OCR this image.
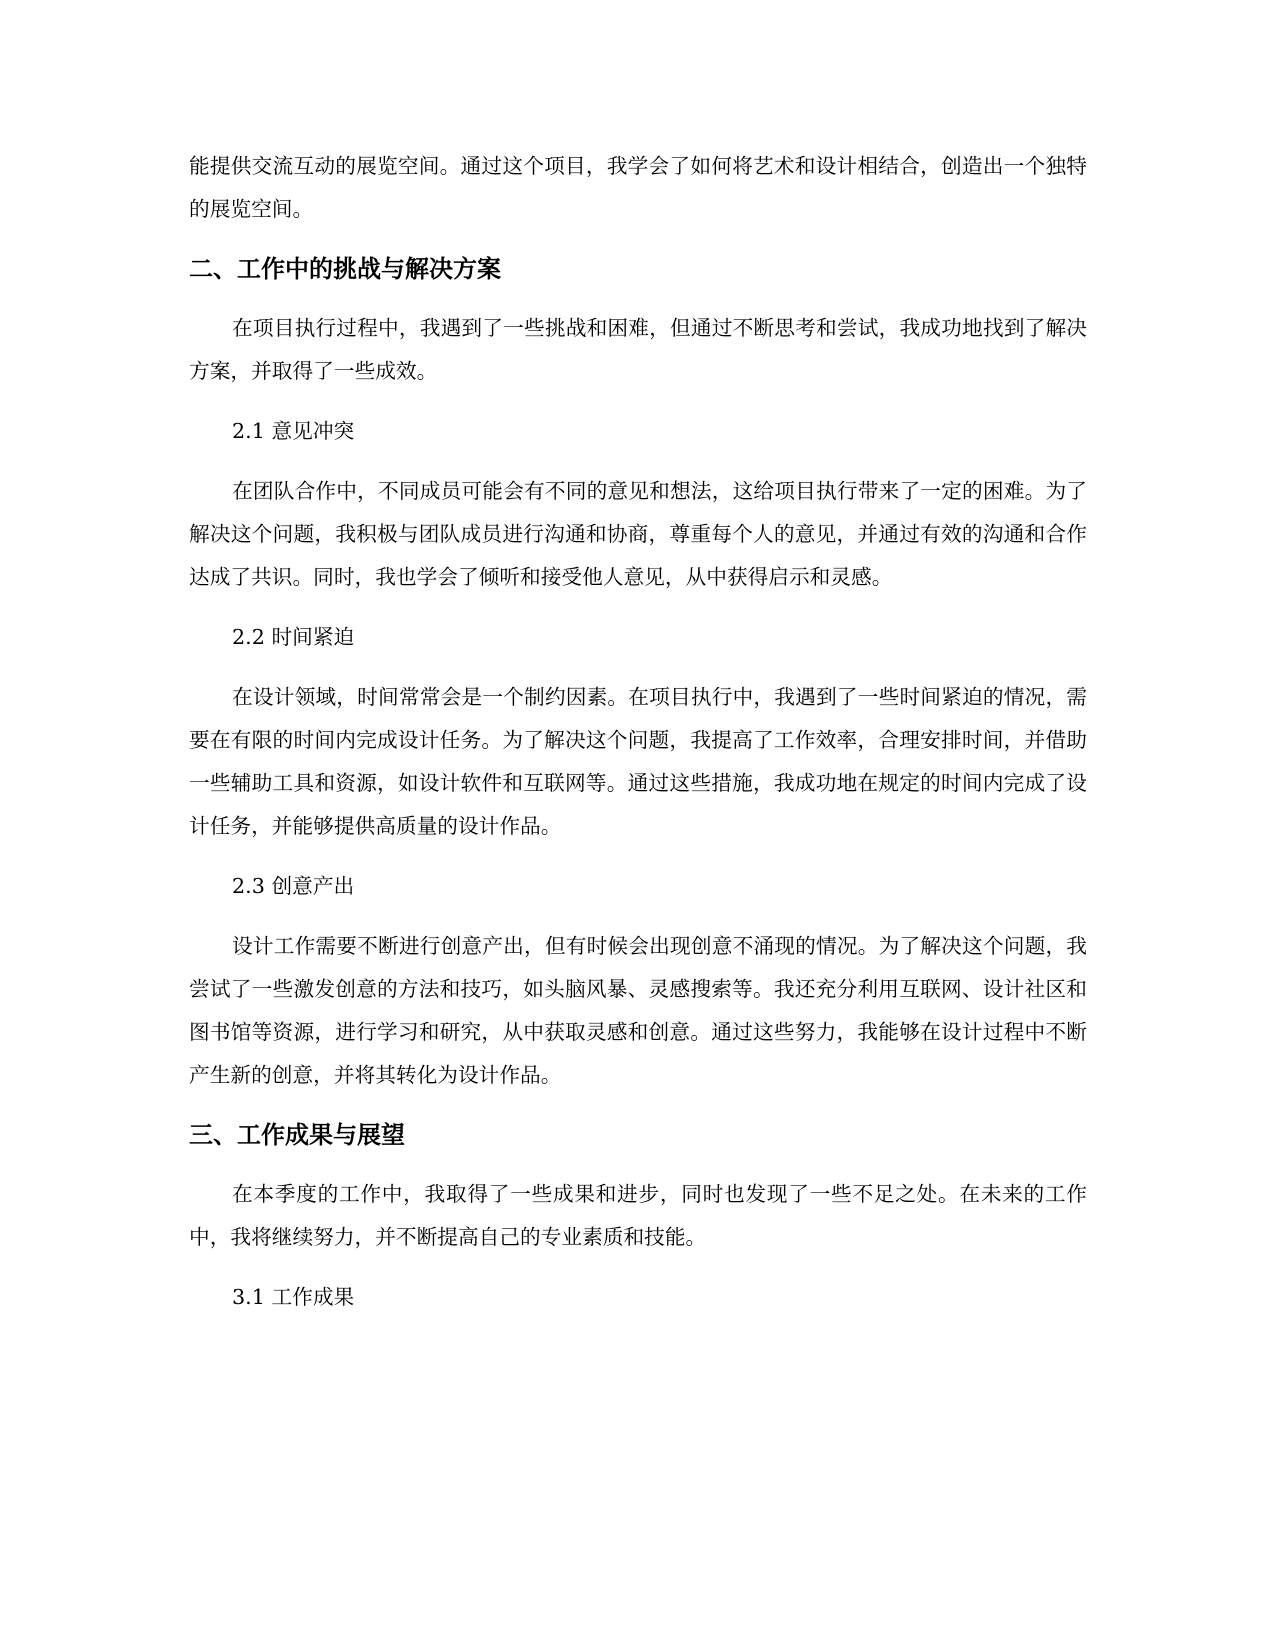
能提供交流互动的展览空间。通过这个项目，我学会了如何将艺术和设计相结合，创造出一个独特的展览空间。

二、工作中的挑战与解决方案

在项目执行过程中，我遇到了一些挑战和困难，但通过不断思考和尝试，我成功地找到了解决方案，并取得了一些成效。

2.1 意见冲突

在团队合作中，不同成员可能会有不同的意见和想法，这给项目执行带来了一定的困难。为了解决这个问题，我积极与团队成员进行沟通和协商，尊重每个人的意见，并通过有效的沟通和合作达成了共识。同时，我也学会了倾听和接受他人意见，从中获得启示和灵感。

2.2 时间紧迫

在设计领域，时间常常会是一个制约因素。在项目执行中，我遇到了一些时间紧迫的情况，需要在有限的时间内完成设计任务。为了解决这个问题，我提高了工作效率，合理安排时间，并借助一些辅助工具和资源，如设计软件和互联网等。通过这些措施，我成功地在规定的时间内完成了设计任务，并能够提供高质量的设计作品。

2.3 创意产出

设计工作需要不断进行创意产出，但有时候会出现创意不涌现的情况。为了解决这个问题，我尝试了一些激发创意的方法和技巧，如头脑风暴、灵感搜索等。我还充分利用互联网、设计社区和图书馆等资源，进行学习和研究，从中获取灵感和创意。通过这些努力，我能够在设计过程中不断产生新的创意，并将其转化为设计作品。

三、工作成果与展望

在本季度的工作中，我取得了一些成果和进步，同时也发现了一些不足之处。在未来的工作中，我将继续努力，并不断提高自己的专业素质和技能。

3.1 工作成果
